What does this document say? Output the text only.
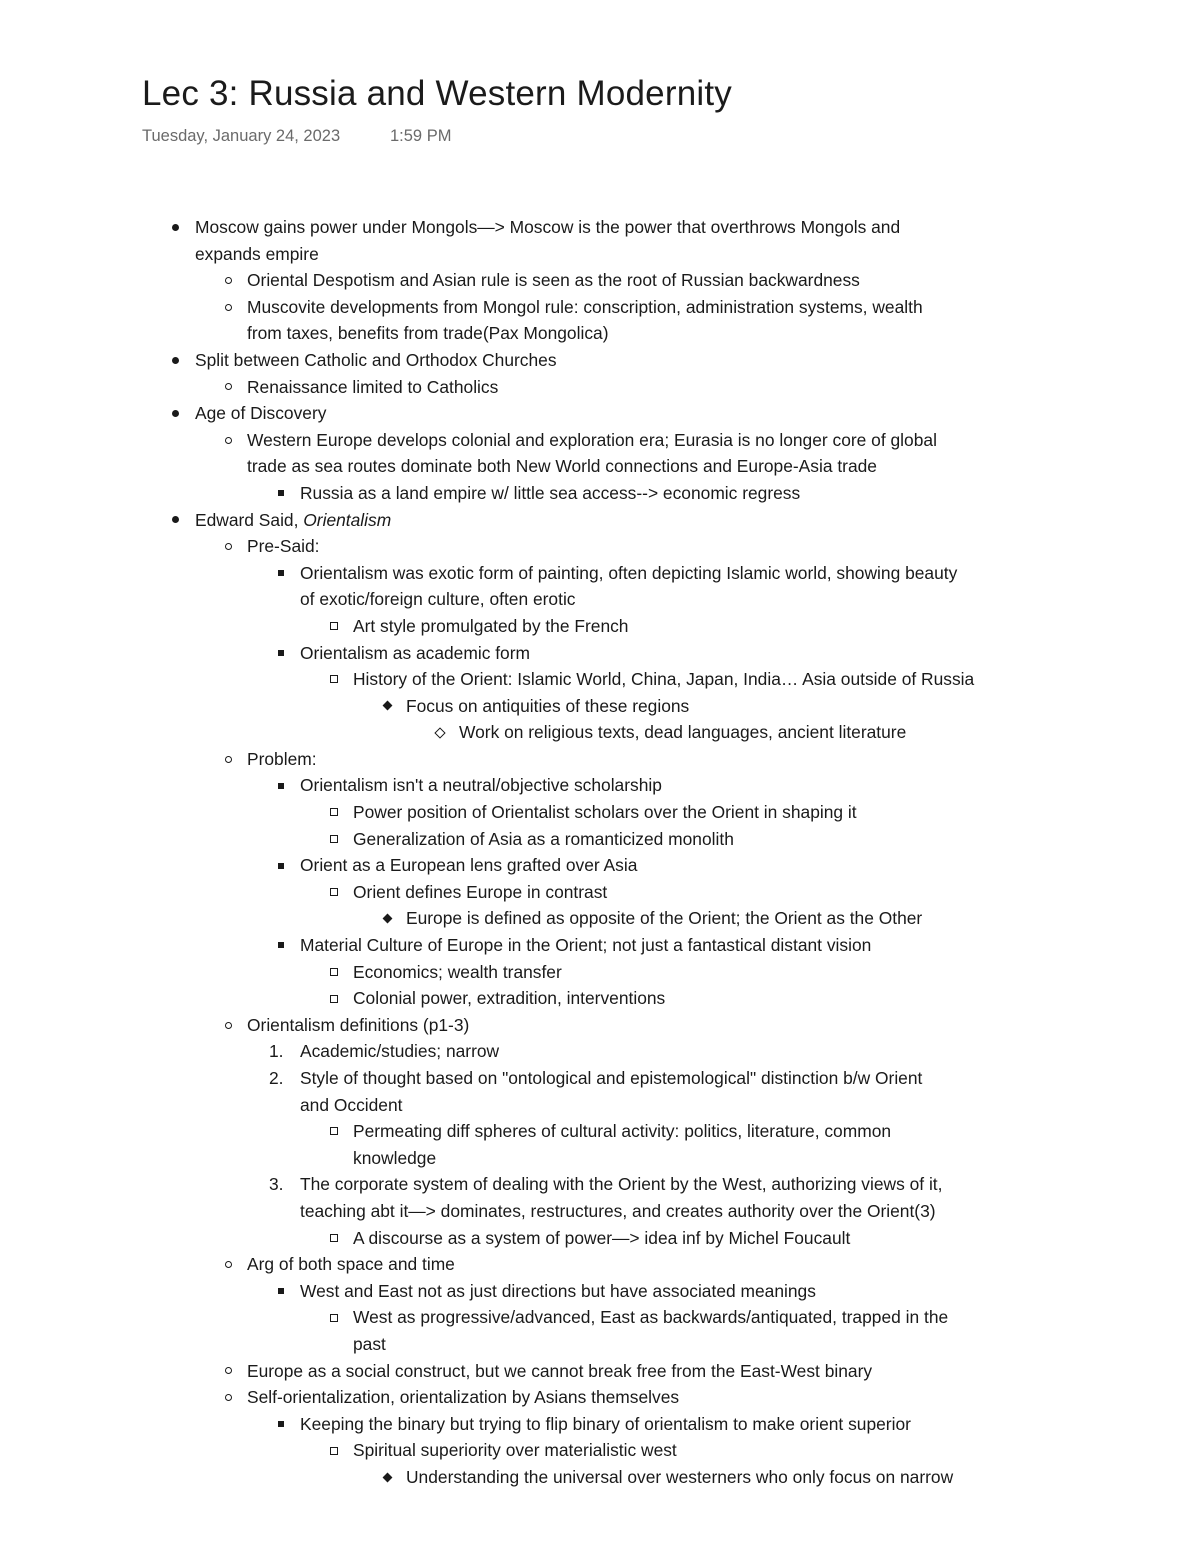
Lec 3: Russia and Western Modernity
Tuesday, January 24, 2023	1:59 PM
Moscow gains power under Mongols—> Moscow is the power that overthrows Mongols and
expands empire
Oriental Despotism and Asian rule is seen as the root of Russian backwardness
Muscovite developments from Mongol rule: conscription, administration systems, wealth
from taxes, benefits from trade(Pax Mongolica)
Split between Catholic and Orthodox Churches
Renaissance limited to Catholics
Age of Discovery
Western Europe develops colonial and exploration era; Eurasia is no longer core of global
trade as sea routes dominate both New World connections and Europe-Asia trade
Russia as a land empire w/ little sea access--> economic regress
Edward Said, Orientalism
Pre-Said:
Orientalism was exotic form of painting, often depicting Islamic world, showing beauty
of exotic/foreign culture, often erotic
Art style promulgated by the French
Orientalism as academic form
History of the Orient: Islamic World, China, Japan, India… Asia outside of Russia
Focus on antiquities of these regions
Work on religious texts, dead languages, ancient literature
Problem:
Orientalism isn't a neutral/objective scholarship
Power position of Orientalist scholars over the Orient in shaping it
Generalization of Asia as a romanticized monolith
Orient as a European lens grafted over Asia
Orient defines Europe in contrast
Europe is defined as opposite of the Orient; the Orient as the Other
Material Culture of Europe in the Orient; not just a fantastical distant vision
Economics; wealth transfer
Colonial power, extradition, interventions
Orientalism definitions (p1-3)
1. Academic/studies; narrow
2. Style of thought based on "ontological and epistemological" distinction b/w Orient
and Occident
Permeating diff spheres of cultural activity: politics, literature, common
knowledge
3. The corporate system of dealing with the Orient by the West, authorizing views of it,
teaching abt it—> dominates, restructures, and creates authority over the Orient(3)
A discourse as a system of power—> idea inf by Michel Foucault
Arg of both space and time
West and East not as just directions but have associated meanings
West as progressive/advanced, East as backwards/antiquated, trapped in the
past
Europe as a social construct, but we cannot break free from the East-West binary
Self-orientalization, orientalization by Asians themselves
Keeping the binary but trying to flip binary of orientalism to make orient superior
Spiritual superiority over materialistic west
Understanding the universal over westerners who only focus on narrow
